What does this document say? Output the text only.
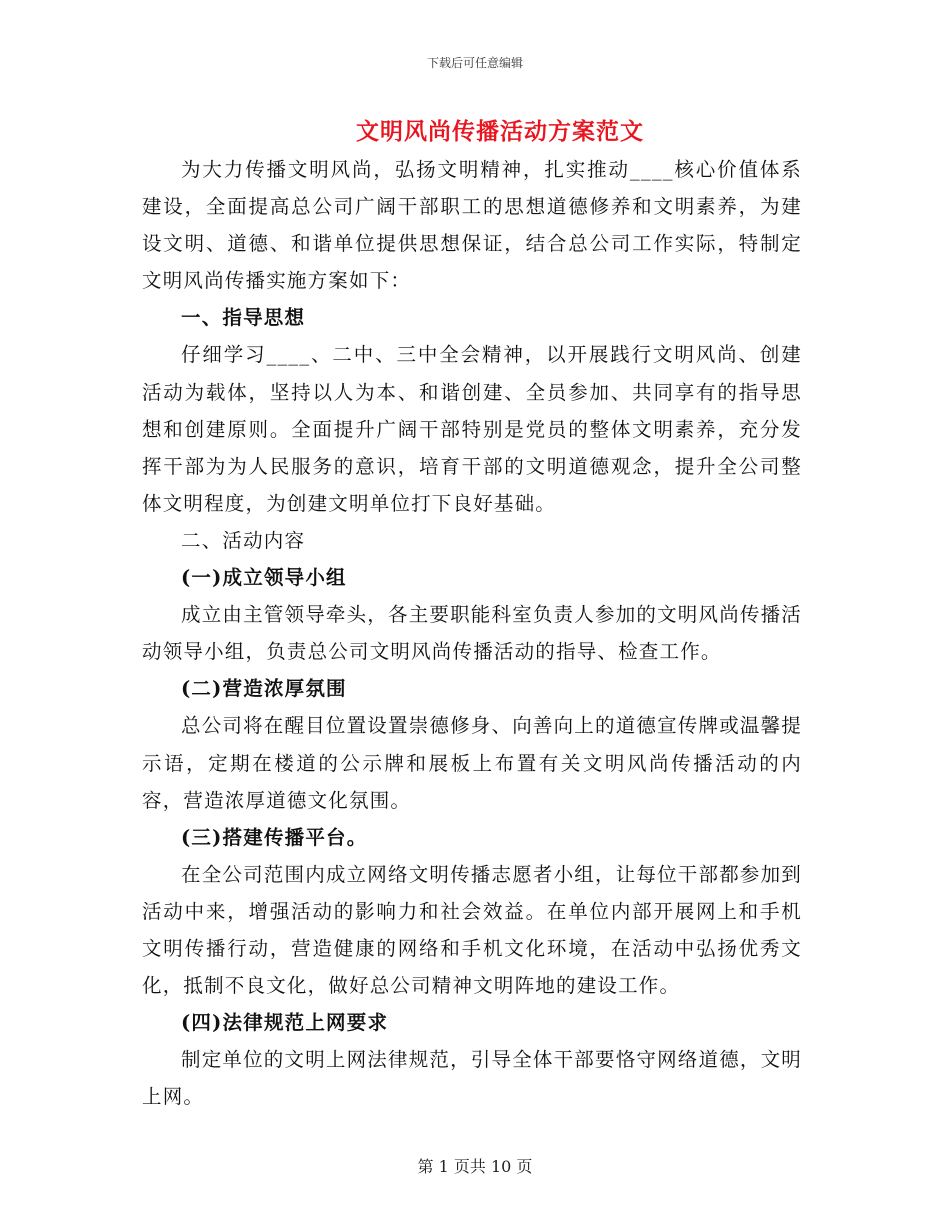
下载后可任意编辑
文明风尚传播活动方案范文

为大力传播文明风尚，弘扬文明精神，扎实推动____核心价值体系建设，全面提高总公司广阔干部职工的思想道德修养和文明素养，为建设文明、道德、和谐单位提供思想保证，结合总公司工作实际，特制定文明风尚传播实施方案如下：

一、指导思想

仔细学习____、二中、三中全会精神，以开展践行文明风尚、创建活动为载体，坚持以人为本、和谐创建、全员参加、共同享有的指导思想和创建原则。全面提升广阔干部特别是党员的整体文明素养，充分发挥干部为为人民服务的意识，培育干部的文明道德观念，提升全公司整体文明程度，为创建文明单位打下良好基础。

二、活动内容

(一)成立领导小组

成立由主管领导牵头，各主要职能科室负责人参加的文明风尚传播活动领导小组，负责总公司文明风尚传播活动的指导、检查工作。

(二)营造浓厚氛围

总公司将在醒目位置设置崇德修身、向善向上的道德宣传牌或温馨提示语，定期在楼道的公示牌和展板上布置有关文明风尚传播活动的内容，营造浓厚道德文化氛围。

(三)搭建传播平台。

在全公司范围内成立网络文明传播志愿者小组，让每位干部都参加到活动中来，增强活动的影响力和社会效益。在单位内部开展网上和手机文明传播行动，营造健康的网络和手机文化环境，在活动中弘扬优秀文化，抵制不良文化，做好总公司精神文明阵地的建设工作。

(四)法律规范上网要求

制定单位的文明上网法律规范，引导全体干部要恪守网络道德，文明上网。

第 1 页共 10 页
